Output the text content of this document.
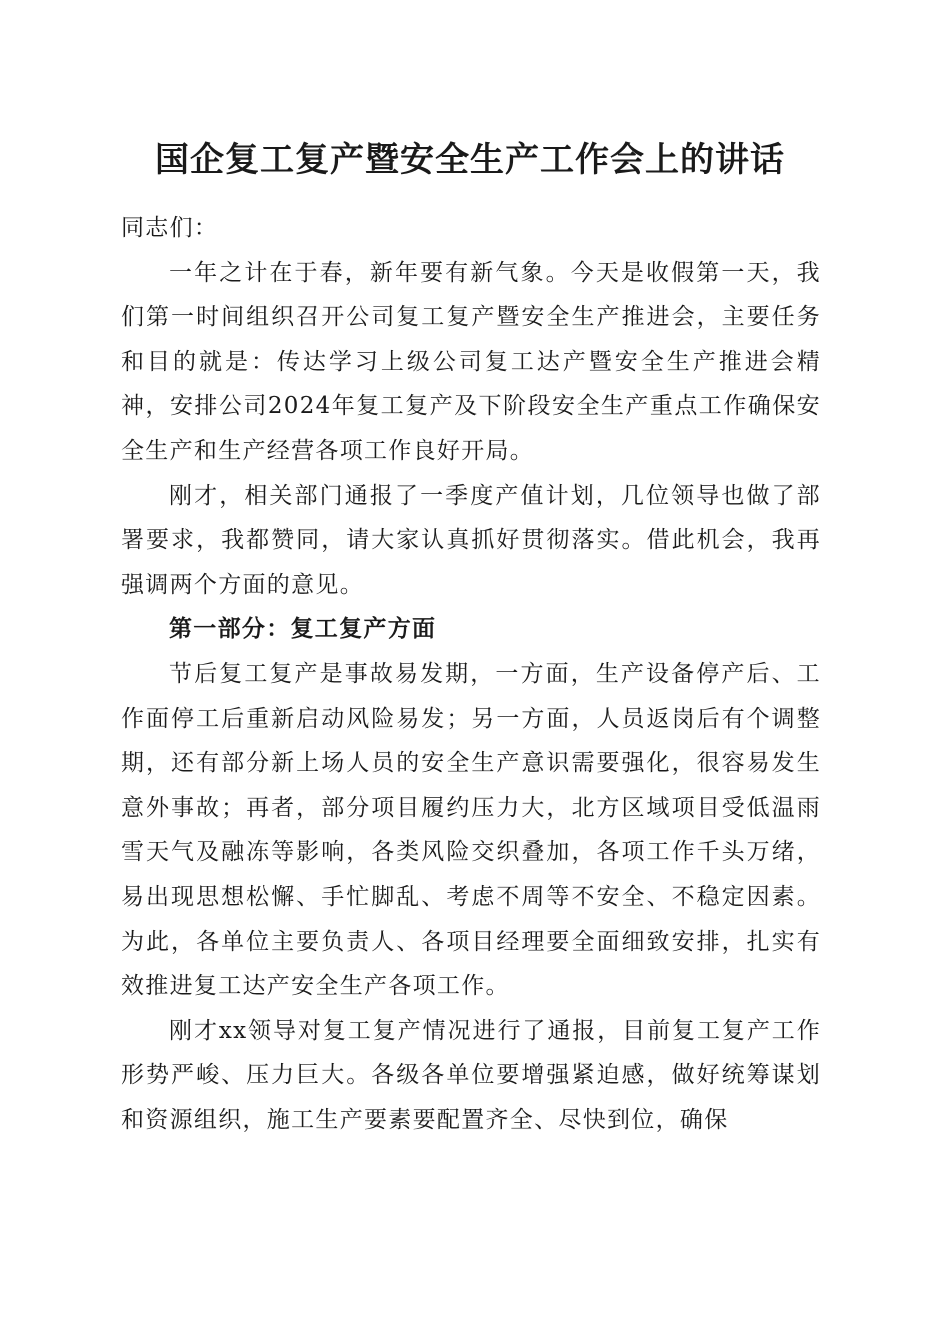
国企复工复产暨安全生产工作会上的讲话

同志们：

一年之计在于春，新年要有新气象。今天是收假第一天，我们第一时间组织召开公司复工复产暨安全生产推进会，主要任务和目的就是：传达学习上级公司复工达产暨安全生产推进会精神，安排公司2024年复工复产及下阶段安全生产重点工作确保安全生产和生产经营各项工作良好开局。

刚才，相关部门通报了一季度产值计划，几位领导也做了部署要求，我都赞同，请大家认真抓好贯彻落实。借此机会，我再强调两个方面的意见。

第一部分：复工复产方面

节后复工复产是事故易发期，一方面，生产设备停产后、工作面停工后重新启动风险易发；另一方面，人员返岗后有个调整期，还有部分新上场人员的安全生产意识需要强化，很容易发生意外事故；再者，部分项目履约压力大，北方区域项目受低温雨雪天气及融冻等影响，各类风险交织叠加，各项工作千头万绪，易出现思想松懈、手忙脚乱、考虑不周等不安全、不稳定因素。为此，各单位主要负责人、各项目经理要全面细致安排，扎实有效推进复工达产安全生产各项工作。

刚才xx领导对复工复产情况进行了通报，目前复工复产工作形势严峻、压力巨大。各级各单位要增强紧迫感，做好统筹谋划和资源组织，施工生产要素要配置齐全、尽快到位，确保
